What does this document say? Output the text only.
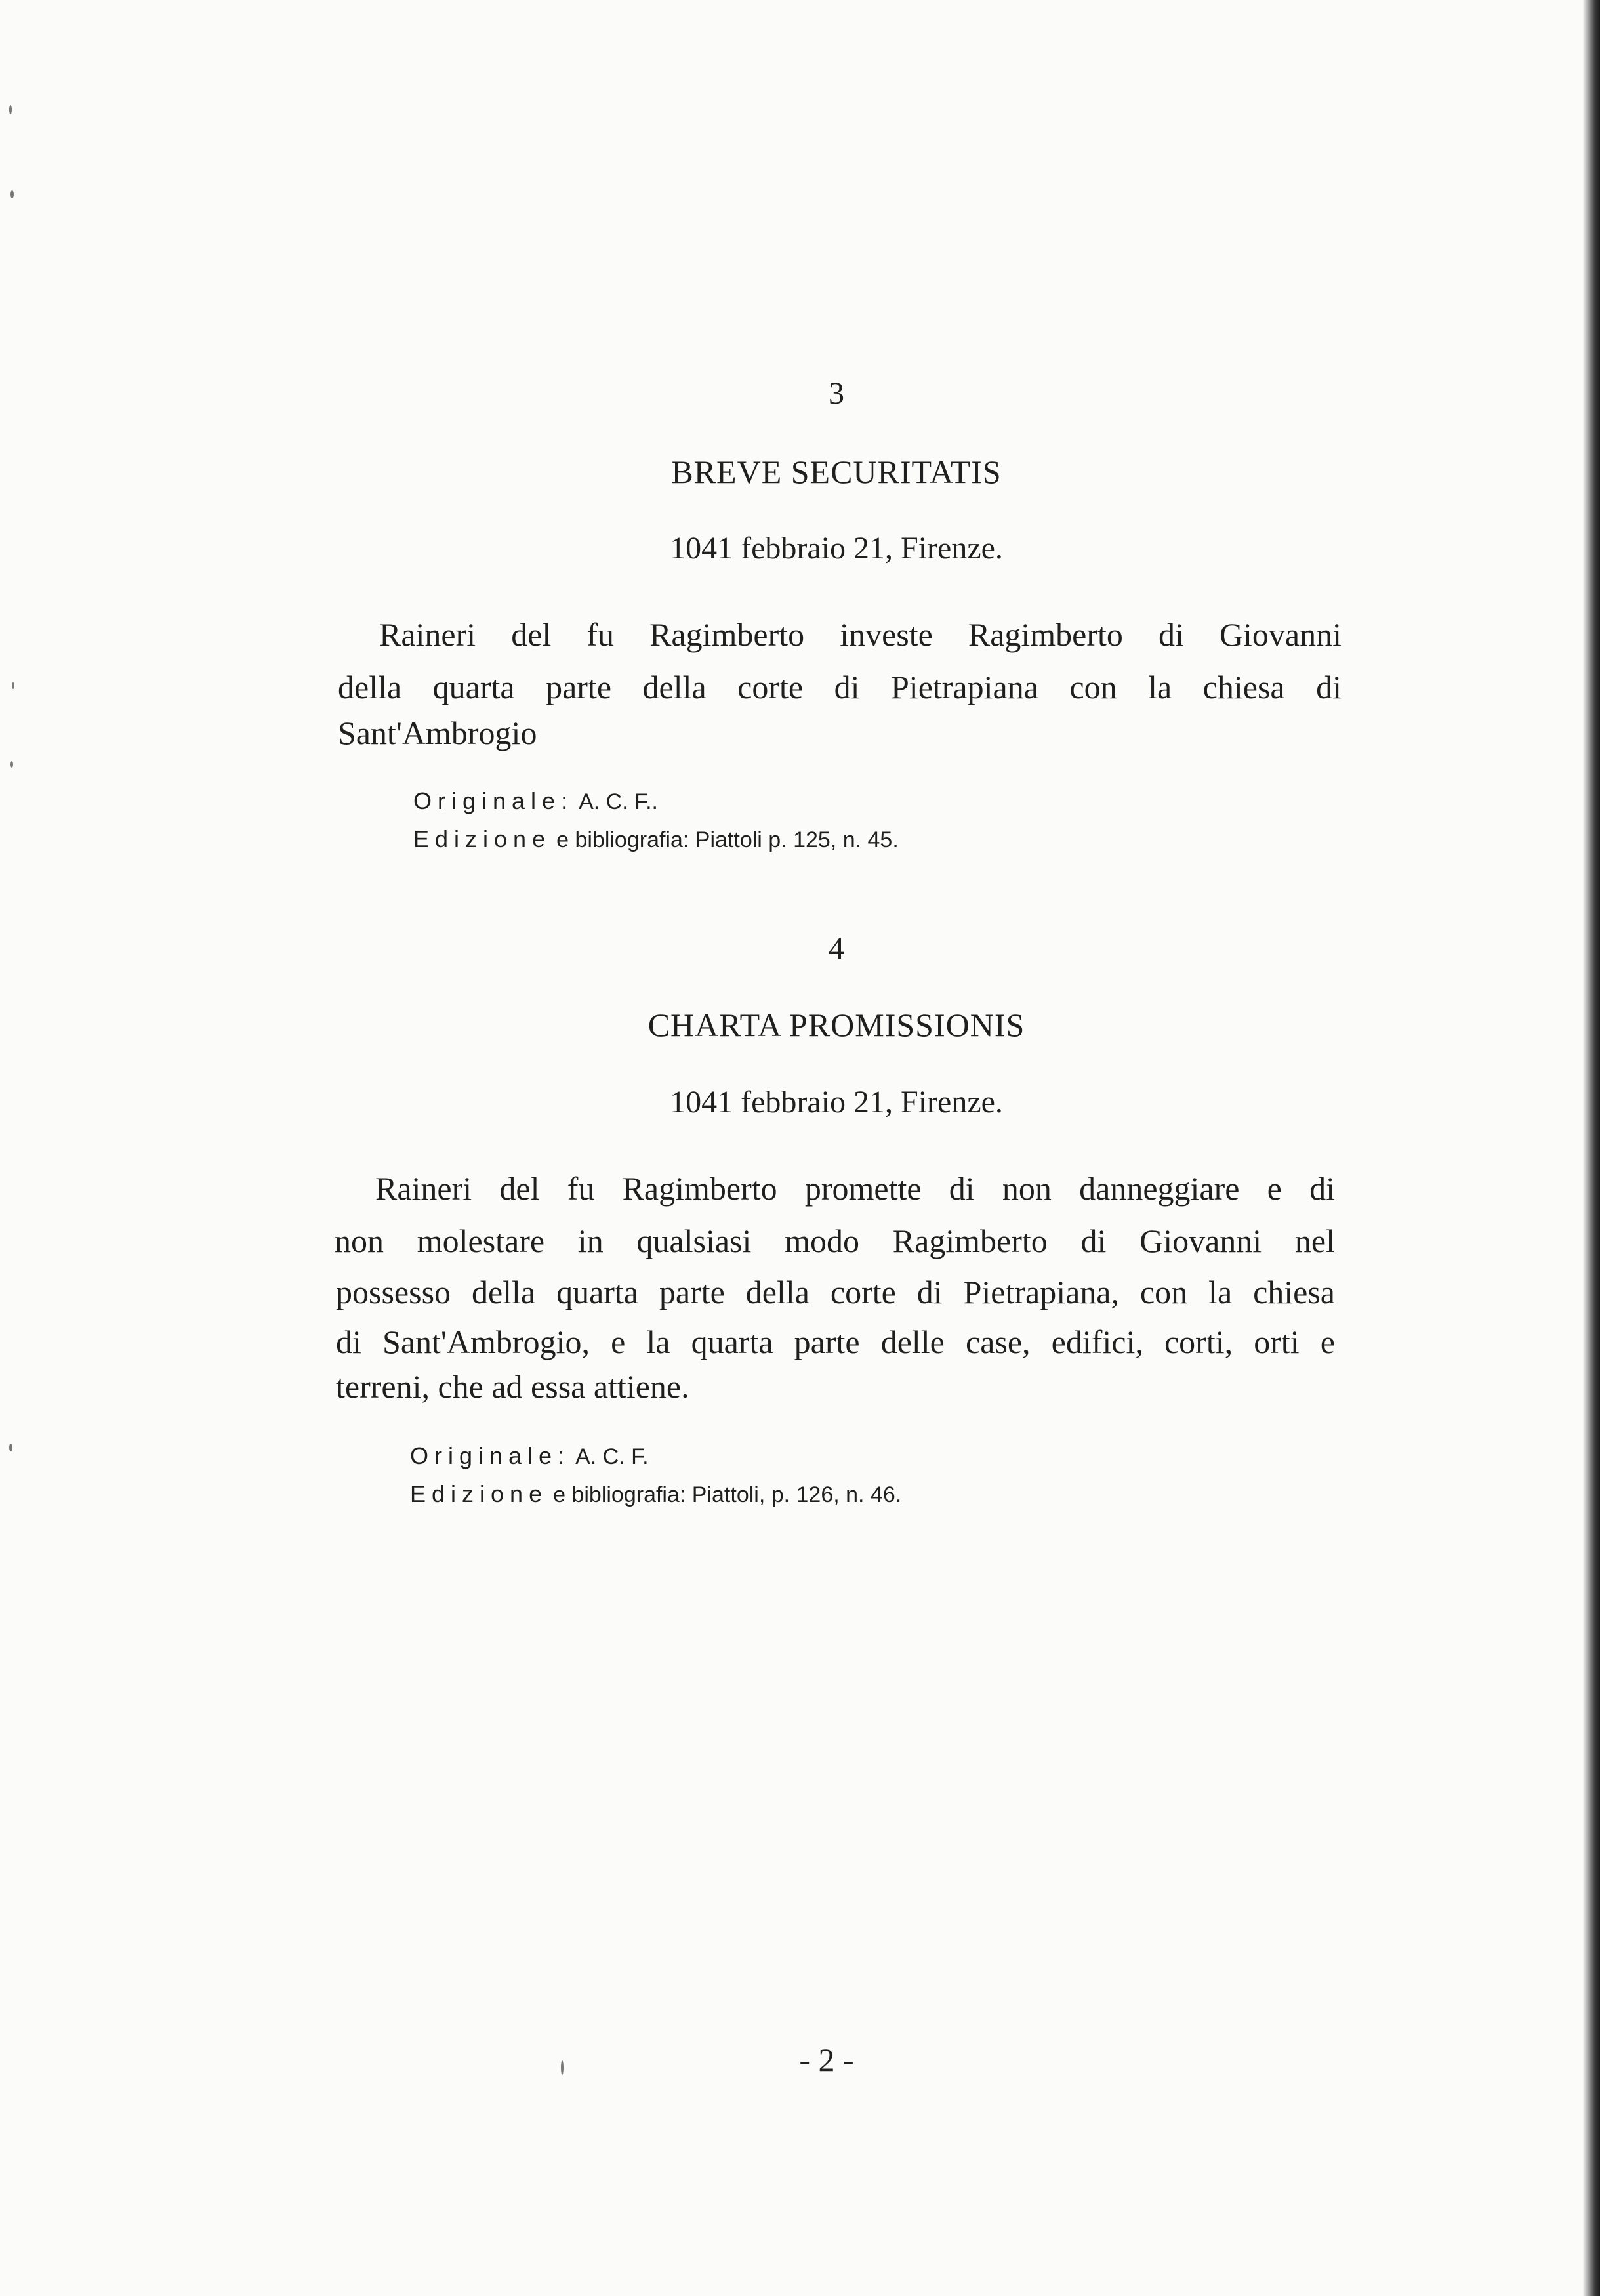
3
BREVE SECURITATIS
1041 febbraio 21, Firenze.
Raineri del fu Ragimberto investe Ragimberto di Giovanni
della quarta parte della corte di Pietrapiana con la chiesa di
Sant'Ambrogio
Originale: A. C. F..
Edizione e bibliografia: Piattoli p. 125, n. 45.
4
CHARTA PROMISSIONIS
1041 febbraio 21, Firenze.
Raineri del fu Ragimberto promette di non danneggiare e di
non molestare in qualsiasi modo Ragimberto di Giovanni nel
possesso della quarta parte della corte di Pietrapiana, con la chiesa
di Sant'Ambrogio, e la quarta parte delle case, edifici, corti, orti e
terreni, che ad essa attiene.
Originale: A. C. F.
Edizione e bibliografia: Piattoli, p. 126, n. 46.
- 2 -
